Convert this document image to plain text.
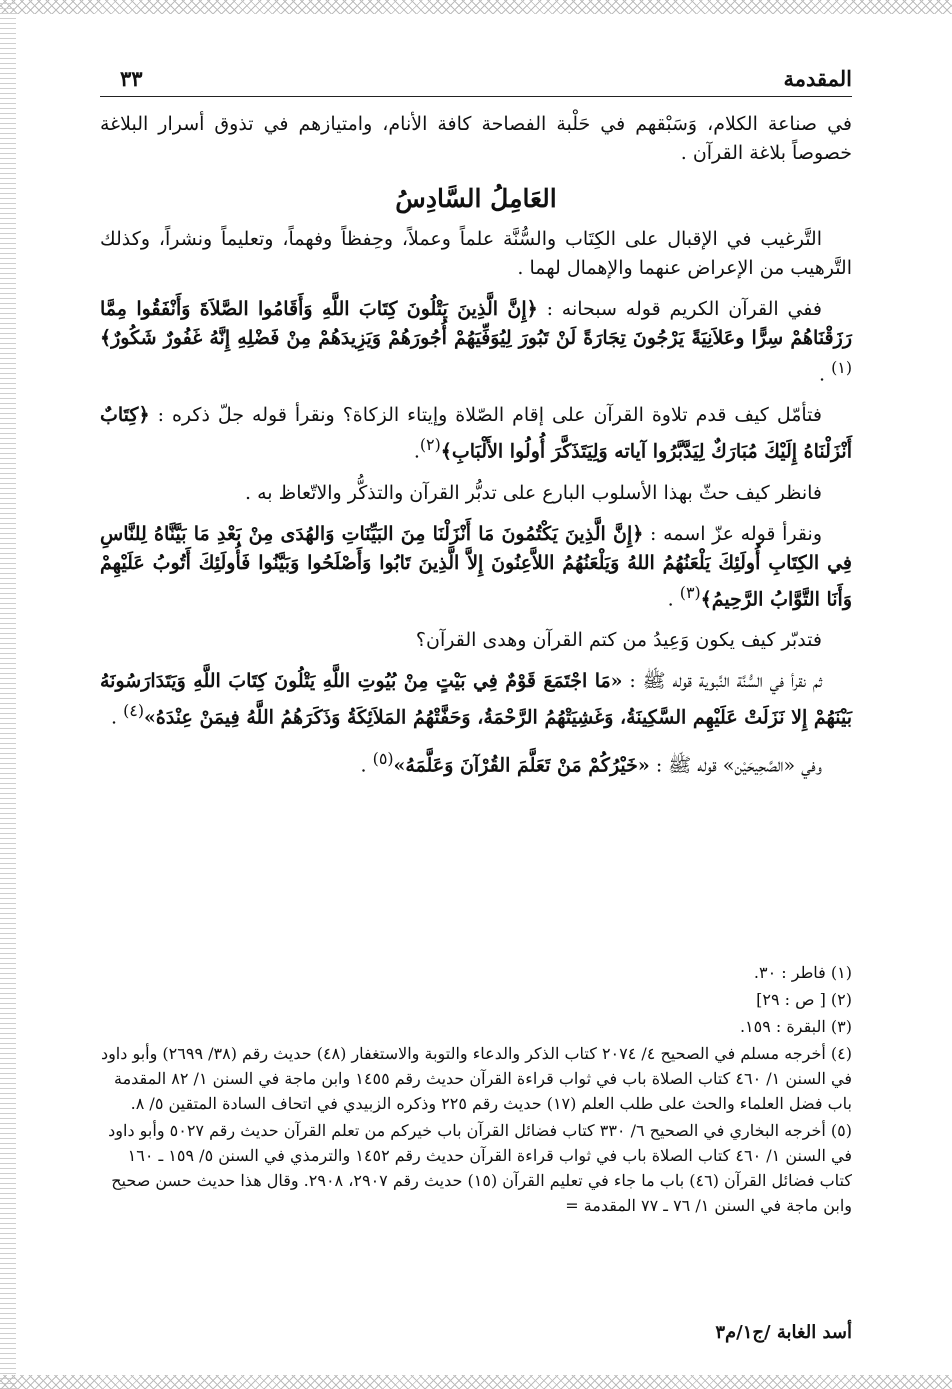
المقدمة
٣٣

في صناعة الكلام، وَسَبْقهم في حَلْبة الفصاحة كافة الأنام، وامتيازهم في تذوق أسرار البلاغة خصوصاً بلاغة القرآن .

العَامِلُ السَّادِسُ

التَّرغيب في الإقبال على الكِتَاب والسُّنَّة علماً وعملاً، وحِفظاً وفهماً، وتعليماً ونشراً، وكذلك التَّرهيب من الإعراض عنهما والإهمال لهما .

ففي القرآن الكريم قوله سبحانه : ﴿إِنَّ الَّذِينَ يَتْلُونَ كِتَابَ اللَّهِ وَأَقَامُوا الصَّلاَةَ وَأَنْفَقُوا مِمَّا رَزَقْنَاهُمْ سِرًّا وعَلاَنِيَةً يَرْجُونَ تِجَارَةً لَنْ تَبُورَ لِيُوَفِّيَهُمْ أُجُورَهُمْ وَيَزِيدَهُمْ مِنْ فَضْلِهِ إِنَّهُ غَفُورٌ شَكُورٌ﴾$^{(١)}$ .

فتأمّل كيف قدم تلاوة القرآن على إقام الصّلاة وإيتاء الزكاة؟ ونقرأ قوله جلّ ذكره : ﴿كِتَابٌ أَنْزَلْنَاهُ إِلَيْكَ مُبَارَكٌ لِيَدَّبَّرُوا آياته وَلِيَتَذَكَّرَ أُولُوا الأَلْبَابِ﴾$^{(٢)}$.

فانظر كيف حثّ بهذا الأسلوب البارع على تدبُّر القرآن والتذكُّر والاتّعاظ به .

ونقرأ قوله عزّ اسمه : ﴿إِنَّ الَّذِينَ يَكْتُمُونَ مَا أَنْزَلْنَا مِنَ البَيِّنَاتِ وَالهُدَى مِنْ بَعْدِ مَا بَيَّنَّاهُ لِلنَّاسِ فِي الكِتَابِ أُولَئِكَ يَلْعَنُهُمُ اللهُ وَيَلْعَنُهُمُ اللاَّعِنُونَ إِلاَّ الَّذِينَ تَابُوا وَأَصْلَحُوا وَبَيَّنُوا فَأُولَئِكَ أَتُوبُ عَلَيْهِمْ وَأَنَا التَّوَّابُ الرَّحِيمُ﴾$^{(٣)}$ .

فتدبّر كيف يكون وَعِيدُ من كتم القرآن وهدى القرآن؟

ثم نقرأ في السُّنَّة النَّبوية قوله ﷺ : «مَا اجْتَمَعَ قَوْمٌ فِي بَيْتٍ مِنْ بُيُوتِ اللَّهِ يَتْلُونَ كِتَابَ اللَّهِ وَيَتَدَارَسُونَهُ بَيْنَهُمْ إِلا نَزَلَتْ عَلَيْهِم السَّكِينَةُ، وَغَشِيَتْهُمُ الرَّحْمَةُ، وَحَفَّتْهُمُ المَلاَئِكَةُ وَذَكَرَهُمُ اللَّهُ فِيمَنْ عِنْدَهُ»$^{(٤)}$ .

وفي «الصَّحِيحَيْن» قوله ﷺ : «خَيْرُكُمْ مَنْ تَعَلَّمَ القُرْآنَ وَعَلَّمَهُ»$^{(٥)}$ .

(١) فاطر : ٣٠.

(٢) [ ص : ٢٩]

(٣) البقرة : ١٥٩.

(٤) أخرجه مسلم في الصحيح ٤/ ٢٠٧٤ كتاب الذكر والدعاء والتوبة والاستغفار (٤٨) حديث رقم (٣٨/ ٢٦٩٩) وأبو داود في السنن ١/ ٤٦٠ كتاب الصلاة باب في ثواب قراءة القرآن حديث رقم ١٤٥٥ وابن ماجة في السنن ١/ ٨٢ المقدمة باب فضل العلماء والحث على طلب العلم (١٧) حديث رقم ٢٢٥ وذكره الزبيدي في اتحاف السادة المتقين ٥/ ٨.

(٥) أخرجه البخاري في الصحيح ٦/ ٣٣٠ كتاب فضائل القرآن باب خيركم من تعلم القرآن حديث رقم ٥٠٢٧ وأبو داود في السنن ١/ ٤٦٠ كتاب الصلاة باب في ثواب قراءة القرآن حديث رقم ١٤٥٢ والترمذي في السنن ٥/ ١٥٩ ـ ١٦٠ كتاب فضائل القرآن (٤٦) باب ما جاء في تعليم القرآن (١٥) حديث رقم ٢٩٠٧، ٢٩٠٨. وقال هذا حديث حسن صحيح وابن ماجة في السنن ١/ ٧٦ ـ ٧٧ المقدمة =

أسد الغابة /ج١/م٣
